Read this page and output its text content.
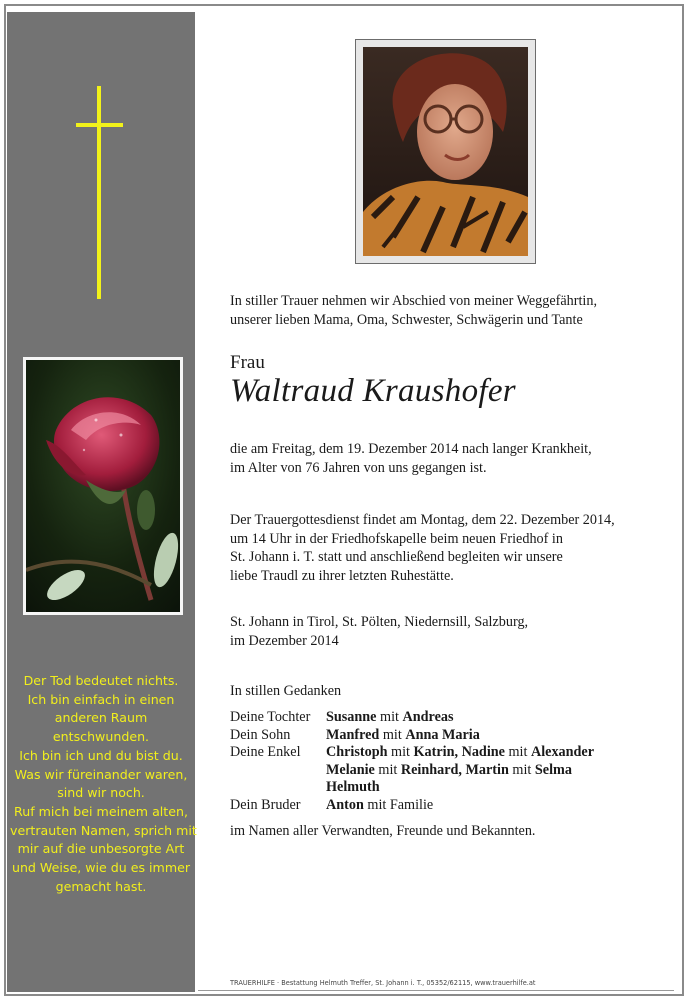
Der Tod bedeutet nichts.
Ich bin einfach in einen
anderen Raum
entschwunden.
Ich bin ich und du bist du.
Was wir füreinander waren,
sind wir noch.
Ruf mich bei meinem alten,
vertrauten Namen, sprich mit
mir auf die unbesorgte Art
und Weise, wie du es immer
gemacht hast.
In stiller Trauer nehmen wir Abschied von meiner Weggefährtin,
unserer lieben Mama, Oma, Schwester, Schwägerin und Tante
Frau
Waltraud Kraushofer
die am Freitag, dem 19. Dezember 2014 nach langer Krankheit,
im Alter von 76 Jahren von uns gegangen ist.
Der Trauergottesdienst findet am Montag, dem 22. Dezember 2014,
um 14 Uhr in der Friedhofskapelle beim neuen Friedhof in
St. Johann i. T. statt und anschließend begleiten wir unsere
liebe Traudl zu ihrer letzten Ruhestätte.
St. Johann in Tirol, St. Pölten, Niedernsill, Salzburg,
im Dezember 2014
In stillen Gedanken
Deine Tochter	Susanne mit Andreas
Dein Sohn	Manfred mit Anna Maria
Deine Enkel	Christoph mit Katrin, Nadine mit Alexander
Melanie mit Reinhard, Martin mit Selma
Helmuth
Dein Bruder	Anton mit Familie
im Namen aller Verwandten, Freunde und Bekannten.
TRAUERHILFE · Bestattung Helmuth Treffer, St. Johann i. T., 05352/62115, www.trauerhilfe.at
